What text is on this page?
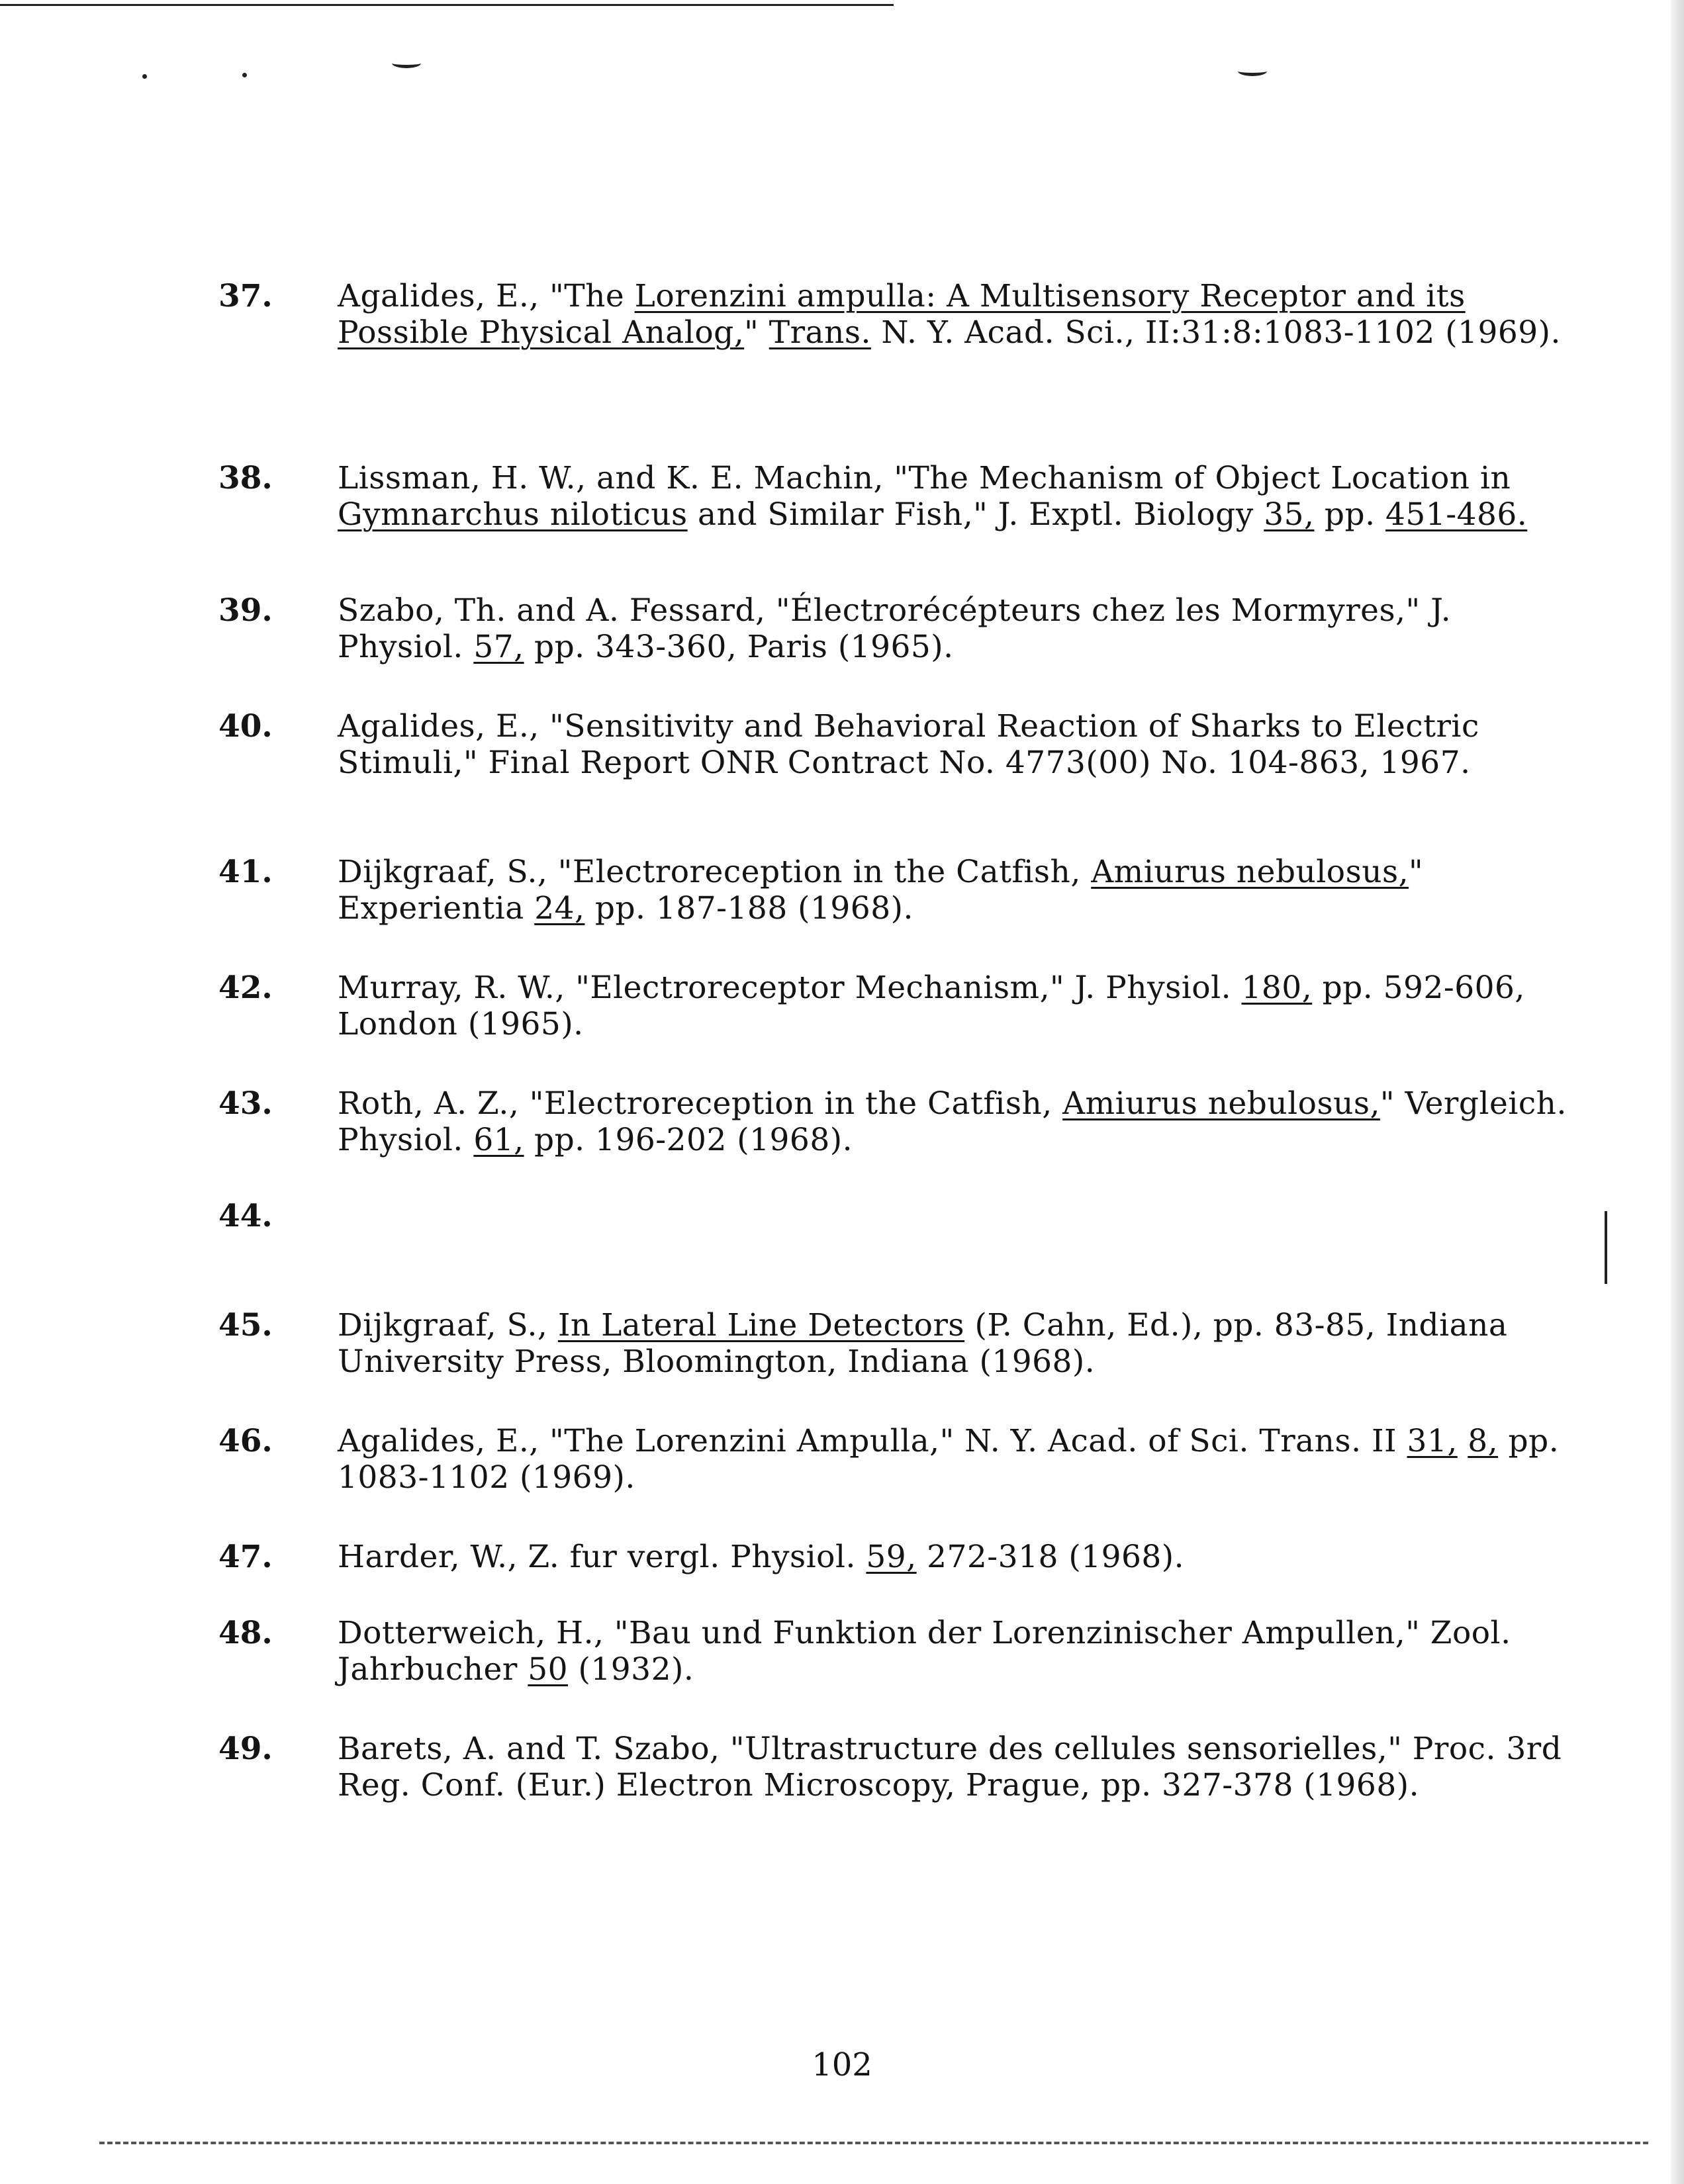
37.	Agalides, E., "The Lorenzini ampulla: A Multisensory Receptor and its Possible Physical Analog," Trans. N. Y. Acad. Sci., II:31:8:1083-1102 (1969).
38.	Lissman, H. W., and K. E. Machin, "The Mechanism of Object Location in Gymnarchus niloticus and Similar Fish," J. Exptl. Biology 35, pp. 451-486.
39.	Szabo, Th. and A. Fessard, "Électrorécépteurs chez les Mormyres," J. Physiol. 57, pp. 343-360, Paris (1965).
40.	Agalides, E., "Sensitivity and Behavioral Reaction of Sharks to Electric Stimuli," Final Report ONR Contract No. 4773(00) No. 104-863, 1967.
41.	Dijkgraaf, S., "Electroreception in the Catfish, Amiurus nebulosus," Experientia 24, pp. 187-188 (1968).
42.	Murray, R. W., "Electroreceptor Mechanism," J. Physiol. 180, pp. 592-606, London (1965).
43.	Roth, A. Z., "Electroreception in the Catfish, Amiurus nebulosus," Vergleich. Physiol. 61, pp. 196-202 (1968).
44.
45.	Dijkgraaf, S., In Lateral Line Detectors (P. Cahn, Ed.), pp. 83-85, Indiana University Press, Bloomington, Indiana (1968).
46.	Agalides, E., "The Lorenzini Ampulla," N. Y. Acad. of Sci. Trans. II 31, 8, pp. 1083-1102 (1969).
47.	Harder, W., Z. fur vergl. Physiol. 59, 272-318 (1968).
48.	Dotterweich, H., "Bau und Funktion der Lorenzinischer Ampullen," Zool. Jahrbucher 50 (1932).
49.	Barets, A. and T. Szabo, "Ultrastructure des cellules sensorielles," Proc. 3rd Reg. Conf. (Eur.) Electron Microscopy, Prague, pp. 327-378 (1968).
102
